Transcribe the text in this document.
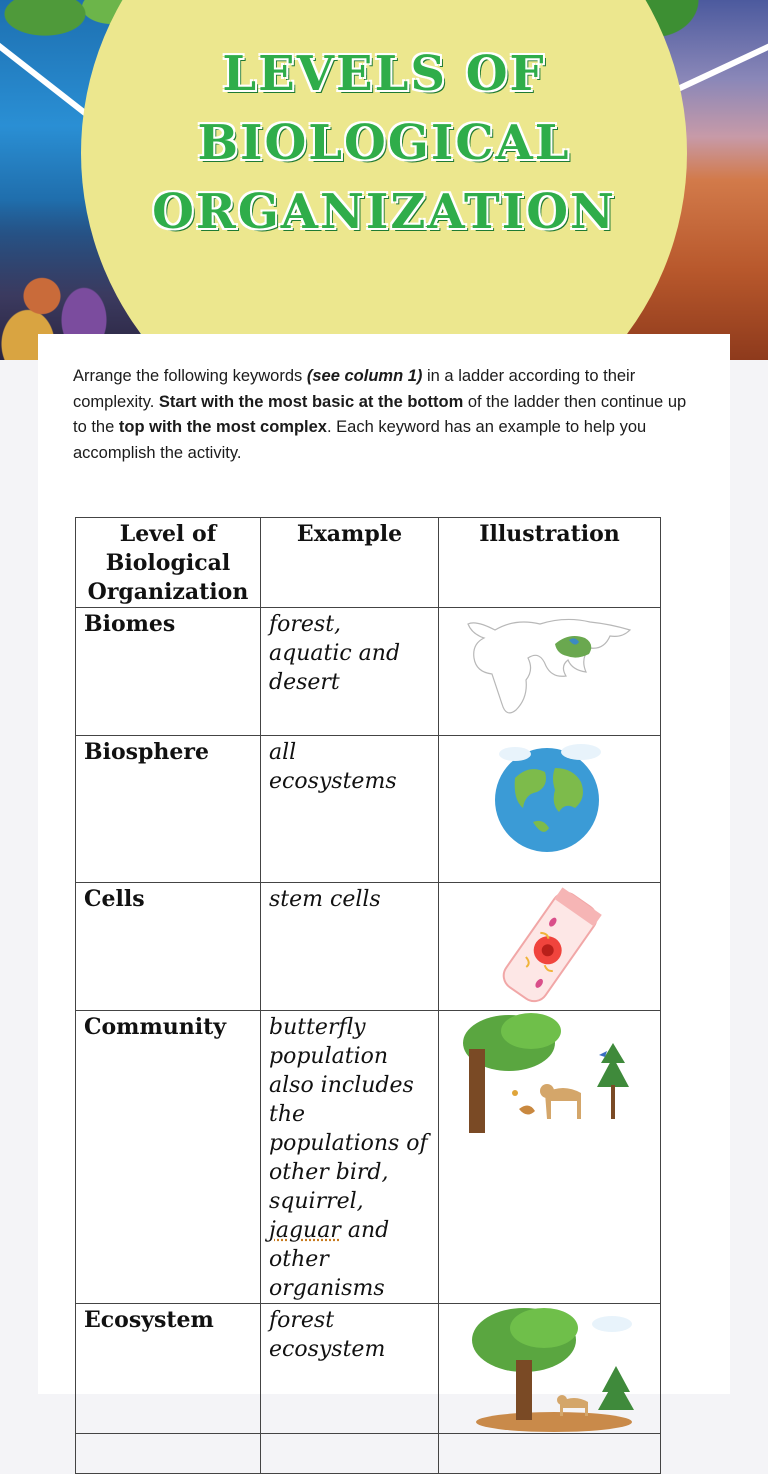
LEVELS OF BIOLOGICAL ORGANIZATION

Arrange the following keywords (see column 1) in a ladder according to their complexity. Start with the most basic at the bottom of the ladder then continue up to the top with the most complex. Each keyword has an example to help you accomplish the activity.

Level of Biological Organization	Example	Illustration
Biomes	forest, aquatic and desert	

Biosphere	all ecosystems	

Cells	stem cells	

Community	butterfly population also includes the populations of other bird, squirrel, jaguar and other organisms	

Ecosystem	forest ecosystem	
